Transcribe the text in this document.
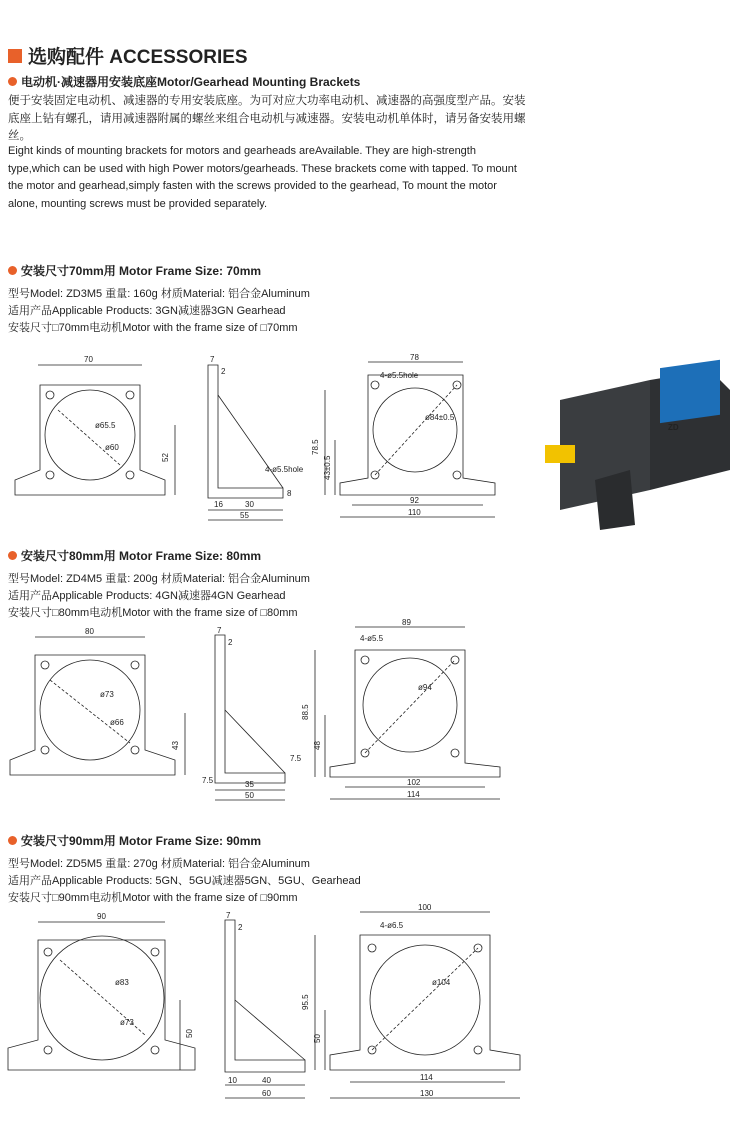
选购配件 ACCESSORIES
电动机·减速器用安装底座Motor/Gearhead Mounting Brackets
便于安装固定电动机、减速器的专用安装底座。为可对应大功率电动机、减速器的高强度型产品。安装底座上钻有螺孔，请用减速器附属的螺丝来组合电动机与减速器。安装电动机单体时，请另备安装用螺丝。
Eight kinds of mounting brackets for motors and gearheads areAvailable. They are high-strength type,which can be used with high Power motors/gearheads. These brackets come with tapped. To mount the motor and gearhead,simply fasten with the screws provided to the gearhead, To mount the motor alone, mounting screws must be provided separately.
安装尺寸70mm用 Motor Frame Size: 70mm
型号Model: ZD3M5 重量: 160g 材质Material: 铝合金Aluminum
适用产品Applicable Products: 3GN减速器3GN Gearhead
安装尺寸□70mm电动机Motor with the frame size of □70mm
70
ø65.5
ø60
52
7
2
4-ø5.5hole
8
16	30
55
78
4-ø5.5hole
ø84±0.5
78.5
43±0.5
92
110
ZD
安装尺寸80mm用 Motor Frame Size: 80mm
型号Model: ZD4M5 重量: 200g 材质Material: 铝合金Aluminum
适用产品Applicable Products: 4GN减速器4GN Gearhead
安装尺寸□80mm电动机Motor with the frame size of □80mm
80
ø73
ø66
43
7
2
7.5
7.5	35
50
89
4-ø5.5
ø94
88.5
48
102
114
安装尺寸90mm用 Motor Frame Size: 90mm
型号Model: ZD5M5 重量: 270g 材质Material: 铝合金Aluminum
适用产品Applicable Products: 5GN、5GU减速器5GN、5GU、Gearhead
安装尺寸□90mm电动机Motor with the frame size of □90mm
90
ø83
ø73
50
7
2
10	40
60
100
4-ø6.5
ø104
95.5
50
114
130
